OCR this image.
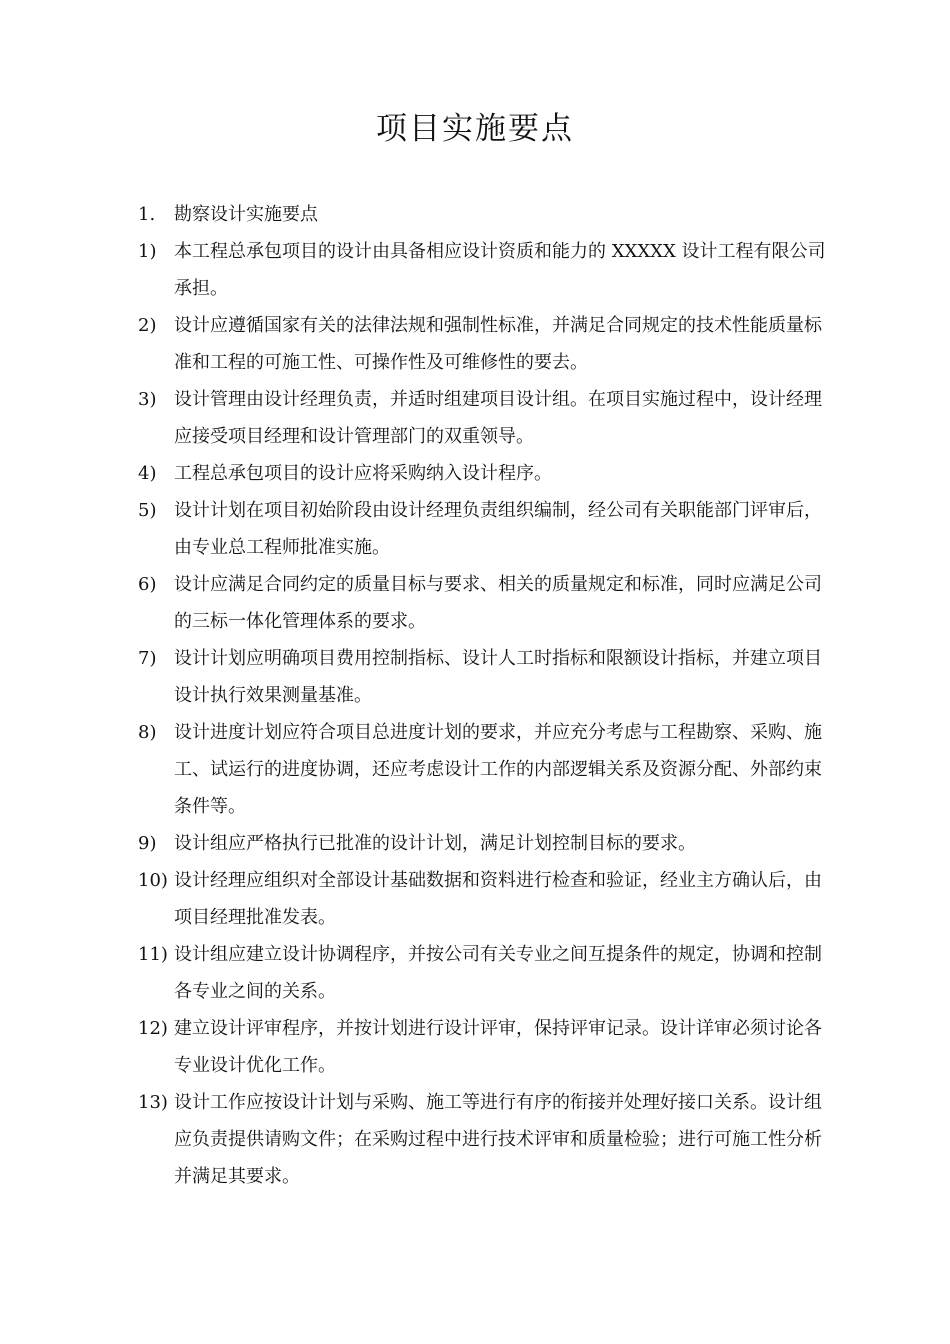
项目实施要点
1.	勘察设计实施要点
1) 本工程总承包项目的设计由具备相应设计资质和能力的 XXXXX 设计工程有限公司承担。
2) 设计应遵循国家有关的法律法规和强制性标准，并满足合同规定的技术性能质量标准和工程的可施工性、可操作性及可维修性的要去。
3) 设计管理由设计经理负责，并适时组建项目设计组。在项目实施过程中，设计经理应接受项目经理和设计管理部门的双重领导。
4) 工程总承包项目的设计应将采购纳入设计程序。
5) 设计计划在项目初始阶段由设计经理负责组织编制，经公司有关职能部门评审后，由专业总工程师批准实施。
6) 设计应满足合同约定的质量目标与要求、相关的质量规定和标准，同时应满足公司的三标一体化管理体系的要求。
7) 设计计划应明确项目费用控制指标、设计人工时指标和限额设计指标，并建立项目设计执行效果测量基准。
8) 设计进度计划应符合项目总进度计划的要求，并应充分考虑与工程勘察、采购、施工、试运行的进度协调，还应考虑设计工作的内部逻辑关系及资源分配、外部约束条件等。
9) 设计组应严格执行已批准的设计计划，满足计划控制目标的要求。
10) 设计经理应组织对全部设计基础数据和资料进行检查和验证，经业主方确认后，由项目经理批准发表。
11) 设计组应建立设计协调程序，并按公司有关专业之间互提条件的规定，协调和控制各专业之间的关系。
12) 建立设计评审程序，并按计划进行设计评审，保持评审记录。设计详审必须讨论各专业设计优化工作。
13) 设计工作应按设计计划与采购、施工等进行有序的衔接并处理好接口关系。设计组应负责提供请购文件；在采购过程中进行技术评审和质量检验；进行可施工性分析并满足其要求。
